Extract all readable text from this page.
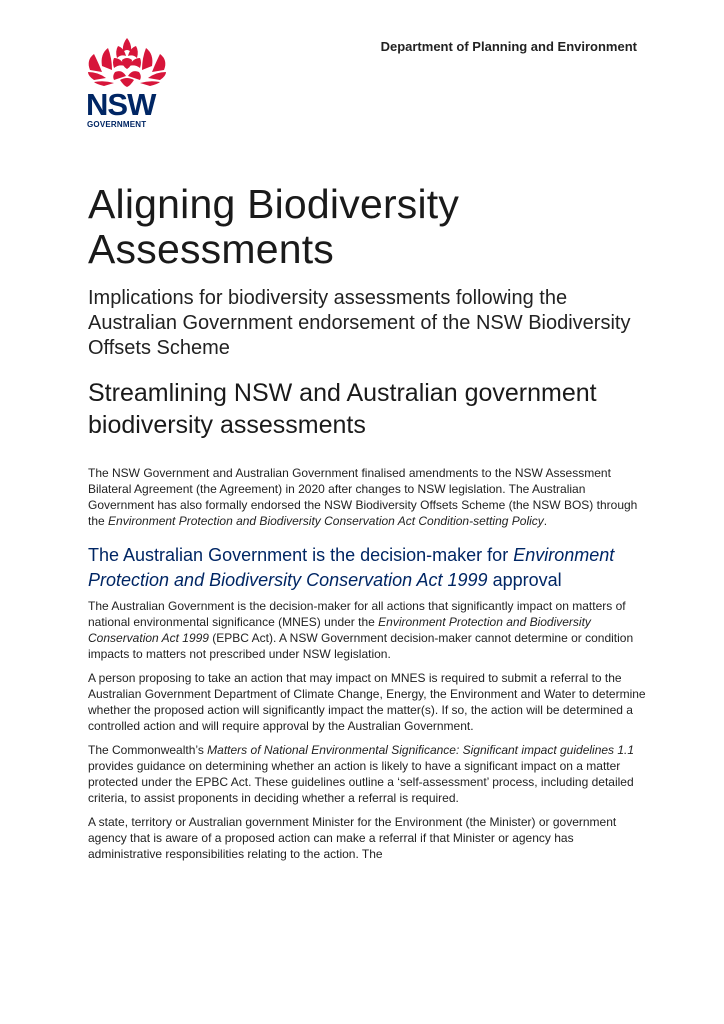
NSW
GOVERNMENT
Department of Planning and Environment
Aligning Biodiversity Assessments
Implications for biodiversity assessments following the Australian Government endorsement of the NSW Biodiversity Offsets Scheme
Streamlining NSW and Australian government biodiversity assessments

The NSW Government and Australian Government finalised amendments to the NSW Assessment Bilateral Agreement (the Agreement) in 2020 after changes to NSW legislation. The Australian Government has also formally endorsed the NSW Biodiversity Offsets Scheme (the NSW BOS) through the Environment Protection and Biodiversity Conservation Act Condition-setting Policy.

The Australian Government is the decision-maker for Environment Protection and Biodiversity Conservation Act 1999 approval

The Australian Government is the decision-maker for all actions that significantly impact on matters of national environmental significance (MNES) under the Environment Protection and Biodiversity Conservation Act 1999 (EPBC Act). A NSW Government decision-maker cannot determine or condition impacts to matters not prescribed under NSW legislation.

A person proposing to take an action that may impact on MNES is required to submit a referral to the Australian Government Department of Climate Change, Energy, the Environment and Water to determine whether the proposed action will significantly impact the matter(s). If so, the action will be determined a controlled action and will require approval by the Australian Government.

The Commonwealth’s Matters of National Environmental Significance: Significant impact guidelines 1.1 provides guidance on determining whether an action is likely to have a significant impact on a matter protected under the EPBC Act. These guidelines outline a ‘self-assessment’ process, including detailed criteria, to assist proponents in deciding whether a referral is required.

A state, territory or Australian government Minister for the Environment (the Minister) or government agency that is aware of a proposed action can make a referral if that Minister or agency has administrative responsibilities relating to the action. The
